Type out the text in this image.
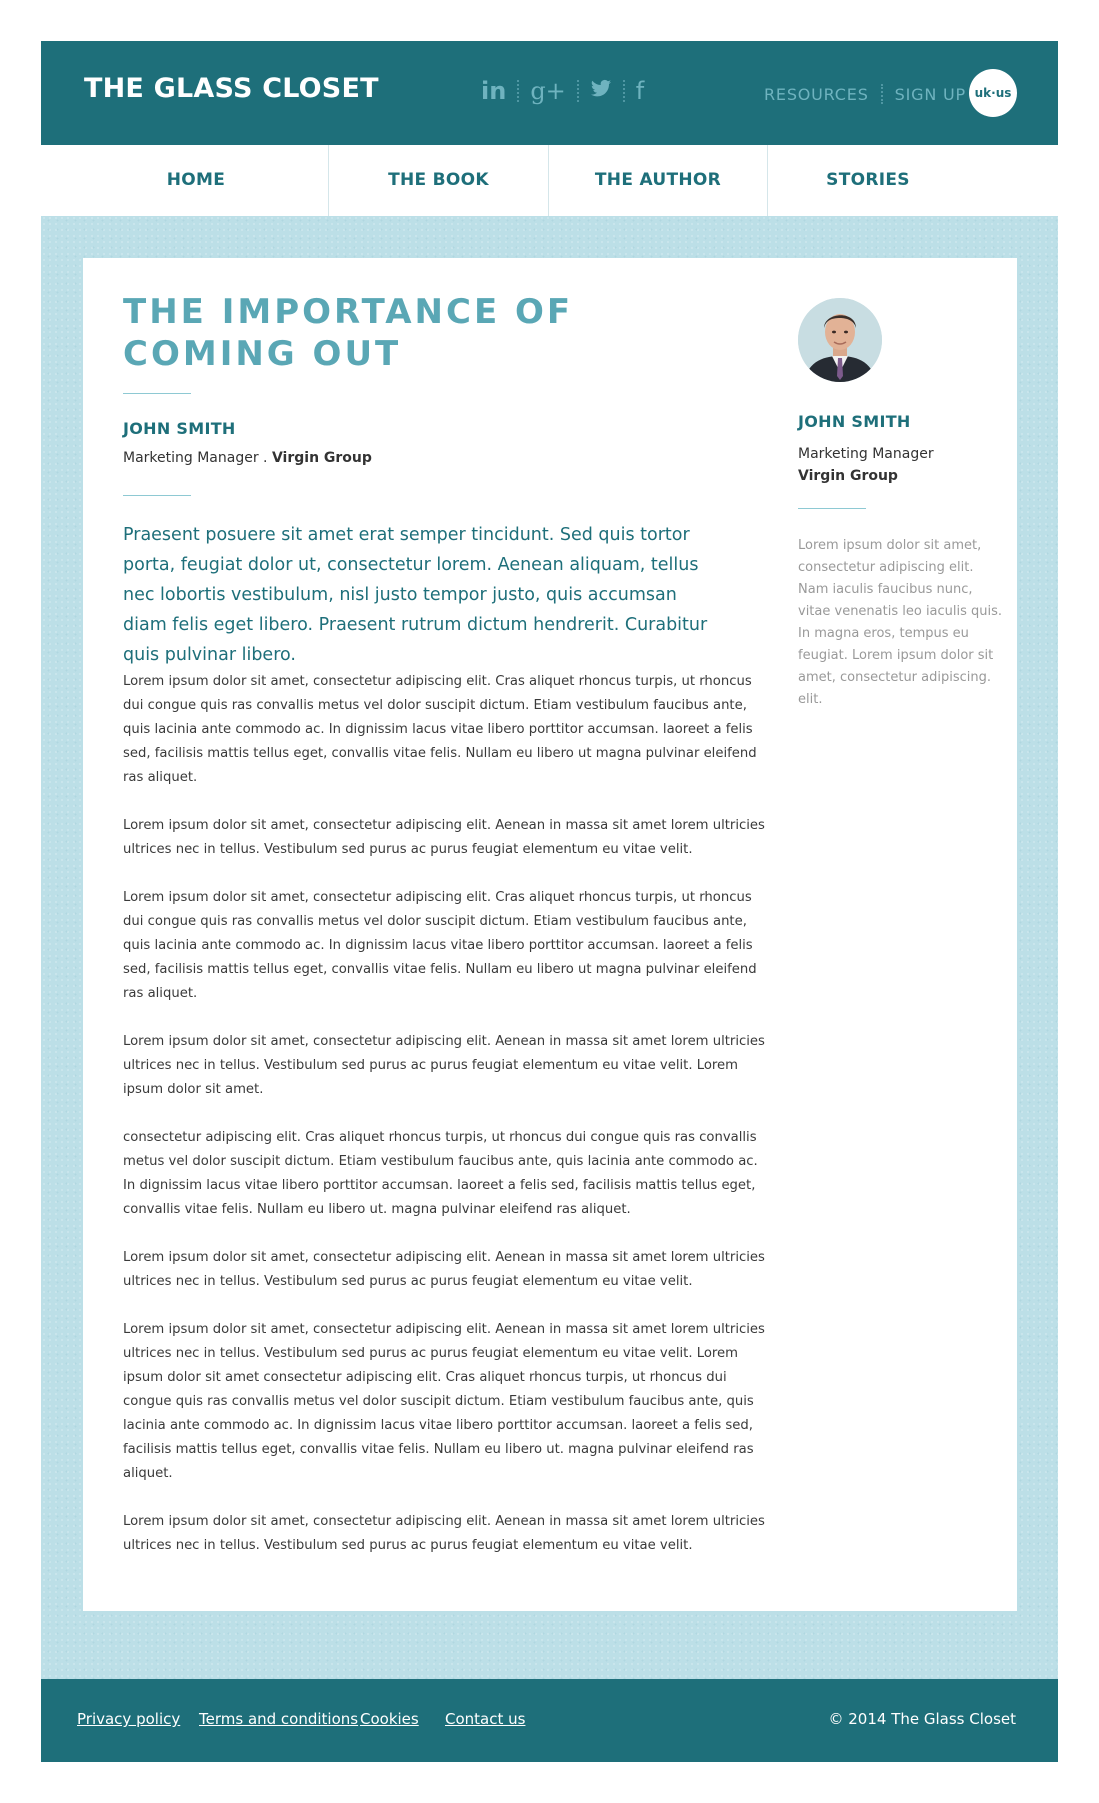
THE GLASS CLOSET	in g+	f	RESOURCES SIGN UP uk·us
HOME	THE BOOK	THE AUTHOR	STORIES
THE IMPORTANCE OF
COMING OUT
JOHN SMITH
Marketing Manager . Virgin Group
Praesent posuere sit amet erat semper tincidunt. Sed quis tortor porta, feugiat dolor ut, consectetur lorem. Aenean aliquam, tellus nec lobortis vestibulum, nisl justo tempor justo, quis accumsan diam felis eget libero. Praesent rutrum dictum hendrerit. Curabitur quis pulvinar libero.

Lorem ipsum dolor sit amet, consectetur adipiscing elit. Cras aliquet rhoncus turpis, ut rhoncus dui congue quis ras convallis metus vel dolor suscipit dictum. Etiam vestibulum faucibus ante, quis lacinia ante commodo ac. In dignissim lacus vitae libero porttitor accumsan. laoreet a felis sed, facilisis mattis tellus eget, convallis vitae felis. Nullam eu libero ut magna pulvinar eleifend ras aliquet.

Lorem ipsum dolor sit amet, consectetur adipiscing elit. Aenean in massa sit amet lorem ultricies ultrices nec in tellus. Vestibulum sed purus ac purus feugiat elementum eu vitae velit.

Lorem ipsum dolor sit amet, consectetur adipiscing elit. Cras aliquet rhoncus turpis, ut rhoncus dui congue quis ras convallis metus vel dolor suscipit dictum. Etiam vestibulum faucibus ante, quis lacinia ante commodo ac. In dignissim lacus vitae libero porttitor accumsan. laoreet a felis sed, facilisis mattis tellus eget, convallis vitae felis. Nullam eu libero ut magna pulvinar eleifend ras aliquet.

Lorem ipsum dolor sit amet, consectetur adipiscing elit. Aenean in massa sit amet lorem ultricies ultrices nec in tellus. Vestibulum sed purus ac purus feugiat elementum eu vitae velit. Lorem ipsum dolor sit amet.

consectetur adipiscing elit. Cras aliquet rhoncus turpis, ut rhoncus dui congue quis ras convallis metus vel dolor suscipit dictum. Etiam vestibulum faucibus ante, quis lacinia ante commodo ac. In dignissim lacus vitae libero porttitor accumsan. laoreet a felis sed, facilisis mattis tellus eget, convallis vitae felis. Nullam eu libero ut. magna pulvinar eleifend ras aliquet.

Lorem ipsum dolor sit amet, consectetur adipiscing elit. Aenean in massa sit amet lorem ultricies ultrices nec in tellus. Vestibulum sed purus ac purus feugiat elementum eu vitae velit.

Lorem ipsum dolor sit amet, consectetur adipiscing elit. Aenean in massa sit amet lorem ultricies ultrices nec in tellus. Vestibulum sed purus ac purus feugiat elementum eu vitae velit. Lorem ipsum dolor sit amet consectetur adipiscing elit. Cras aliquet rhoncus turpis, ut rhoncus dui congue quis ras convallis metus vel dolor suscipit dictum. Etiam vestibulum faucibus ante, quis lacinia ante commodo ac. In dignissim lacus vitae libero porttitor accumsan. laoreet a felis sed, facilisis mattis tellus eget, convallis vitae felis. Nullam eu libero ut. magna pulvinar eleifend ras aliquet.

Lorem ipsum dolor sit amet, consectetur adipiscing elit. Aenean in massa sit amet lorem ultricies ultrices nec in tellus. Vestibulum sed purus ac purus feugiat elementum eu vitae velit.

JOHN SMITH
Marketing Manager
Virgin Group
Lorem ipsum dolor sit amet, consectetur adipiscing elit. Nam iaculis faucibus nunc, vitae venenatis leo iaculis quis. In magna eros, tempus eu feugiat. Lorem ipsum dolor sit amet, consectetur adipiscing. elit.
Privacy policy Terms and conditions Cookies Contact us	© 2014 The Glass Closet
